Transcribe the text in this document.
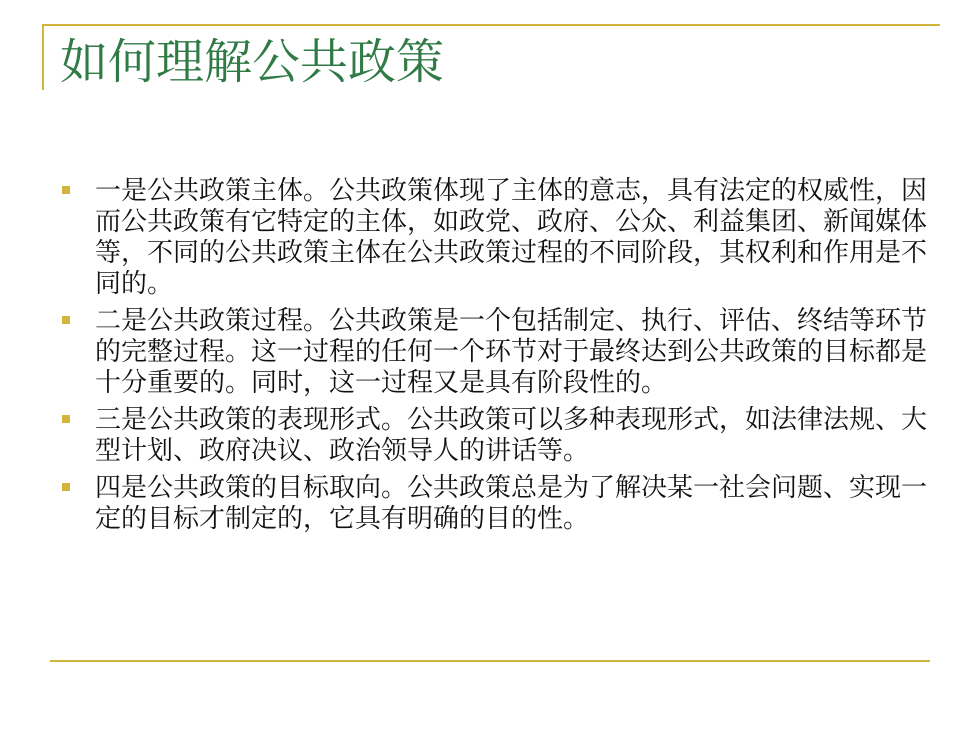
如何理解公共政策
一是公共政策主体。公共政策体现了主体的意志，具有法定的权威性，因而公共政策有它特定的主体，如政党、政府、公众、利益集团、新闻媒体等，不同的公共政策主体在公共政策过程的不同阶段，其权利和作用是不同的。
二是公共政策过程。公共政策是一个包括制定、执行、评估、终结等环节的完整过程。这一过程的任何一个环节对于最终达到公共政策的目标都是十分重要的。同时，这一过程又是具有阶段性的。
三是公共政策的表现形式。公共政策可以多种表现形式，如法律法规、大型计划、政府决议、政治领导人的讲话等。
四是公共政策的目标取向。公共政策总是为了解决某一社会问题、实现一定的目标才制定的，它具有明确的目的性。
